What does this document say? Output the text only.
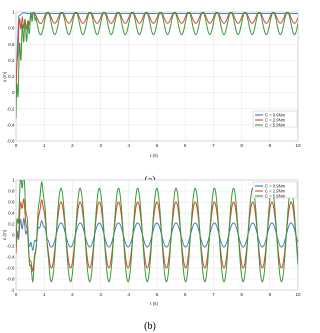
0	1	2	3	4	5	6	7	8	9	10
-0.6
-0.4
-0.2
0
0.2
0.4
0.6
0.8
1
t (s)
x (m)
C = 0.9Nm
C = 2.9Nm
C = 5.9Nm
0	1	2	3	4	5	6	7	8	9	10
-1
-0.8
-0.6
-0.4
-0.2
0
0.2
0.4
0.6
0.8
1
t (s)
x (m)
C = 0.9Nm
C = 2.9Nm
C = 5.9Nm
(b)
